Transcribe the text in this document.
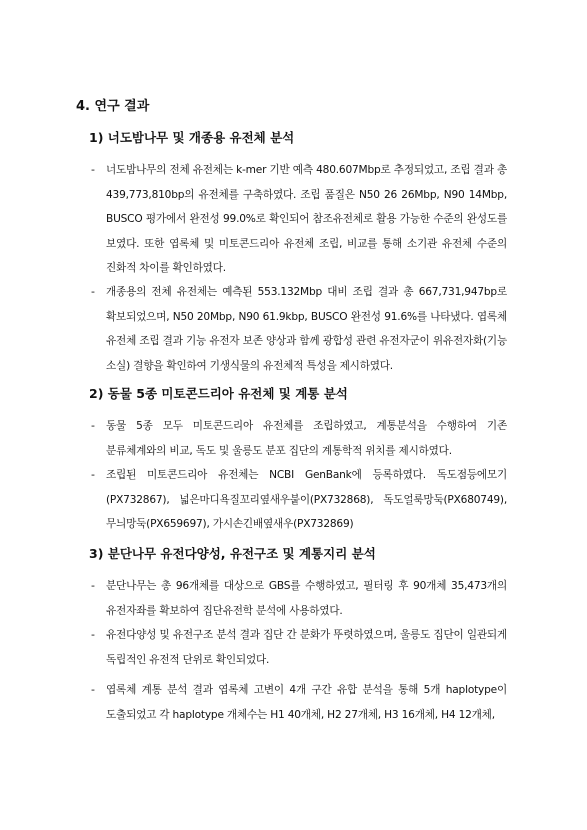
4. 연구 결과
1) 너도밤나무 및 개종용 유전체 분석
- 너도밤나무의 전체 유전체는 k-mer 기반 예측 480.607Mbp로 추정되었고, 조립 결과 총 439,773,810bp의 유전체를 구축하였다. 조립 품질은 N50 26 26Mbp, N90 14Mbp, BUSCO 평가에서 완전성 99.0%로 확인되어 참조유전체로 활용 가능한 수준의 완성도를 보였다. 또한 엽록체 및 미토콘드리아 유전체 조립, 비교를 통해 소기관 유전체 수준의 진화적 차이를 확인하였다.
- 개종용의 전체 유전체는 예측된 553.132Mbp 대비 조립 결과 총 667,731,947bp로 확보되었으며, N50 20Mbp, N90 61.9kbp, BUSCO 완전성 91.6%를 나타냈다. 엽록체 유전체 조립 결과 기능 유전자 보존 양상과 함께 광합성 관련 유전자군이 위유전자화(기능 소실) 결향을 확인하여 기생식물의 유전체적 특성을 제시하였다.
2) 동물 5종 미토콘드리아 유전체 및 계통 분석
- 동물 5종 모두 미토콘드리아 유전체를 조립하였고, 계통분석을 수행하여 기존 분류체계와의 비교, 독도 및 울릉도 분포 집단의 계통학적 위치를 제시하였다.
- 조립된 미토콘드리아 유전체는 NCBI GenBank에 등록하였다. 독도점등에모기(PX732867), 넓은마디욕질꼬리옆새우붙이(PX732868), 독도얼룩망둑(PX680749), 무늬망둑(PX659697), 가시손긴배옆새우(PX732869)
3) 분단나무 유전다양성, 유전구조 및 계통지리 분석
- 분단나무는 총 96개체를 대상으로 GBS를 수행하였고, 필터링 후 90개체 35,473개의 유전자좌를 확보하여 집단유전학 분석에 사용하였다.
- 유전다양성 및 유전구조 분석 결과 집단 간 분화가 뚜렷하였으며, 울릉도 집단이 일관되게 독립적인 유전적 단위로 확인되었다.
- 엽록체 계통 분석 결과 엽록체 고변이 4개 구간 유합 분석을 통해 5개 haplotype이 도출되었고 각 haplotype 개체수는 H1 40개체, H2 27개체, H3 16개체, H4 12개체,
